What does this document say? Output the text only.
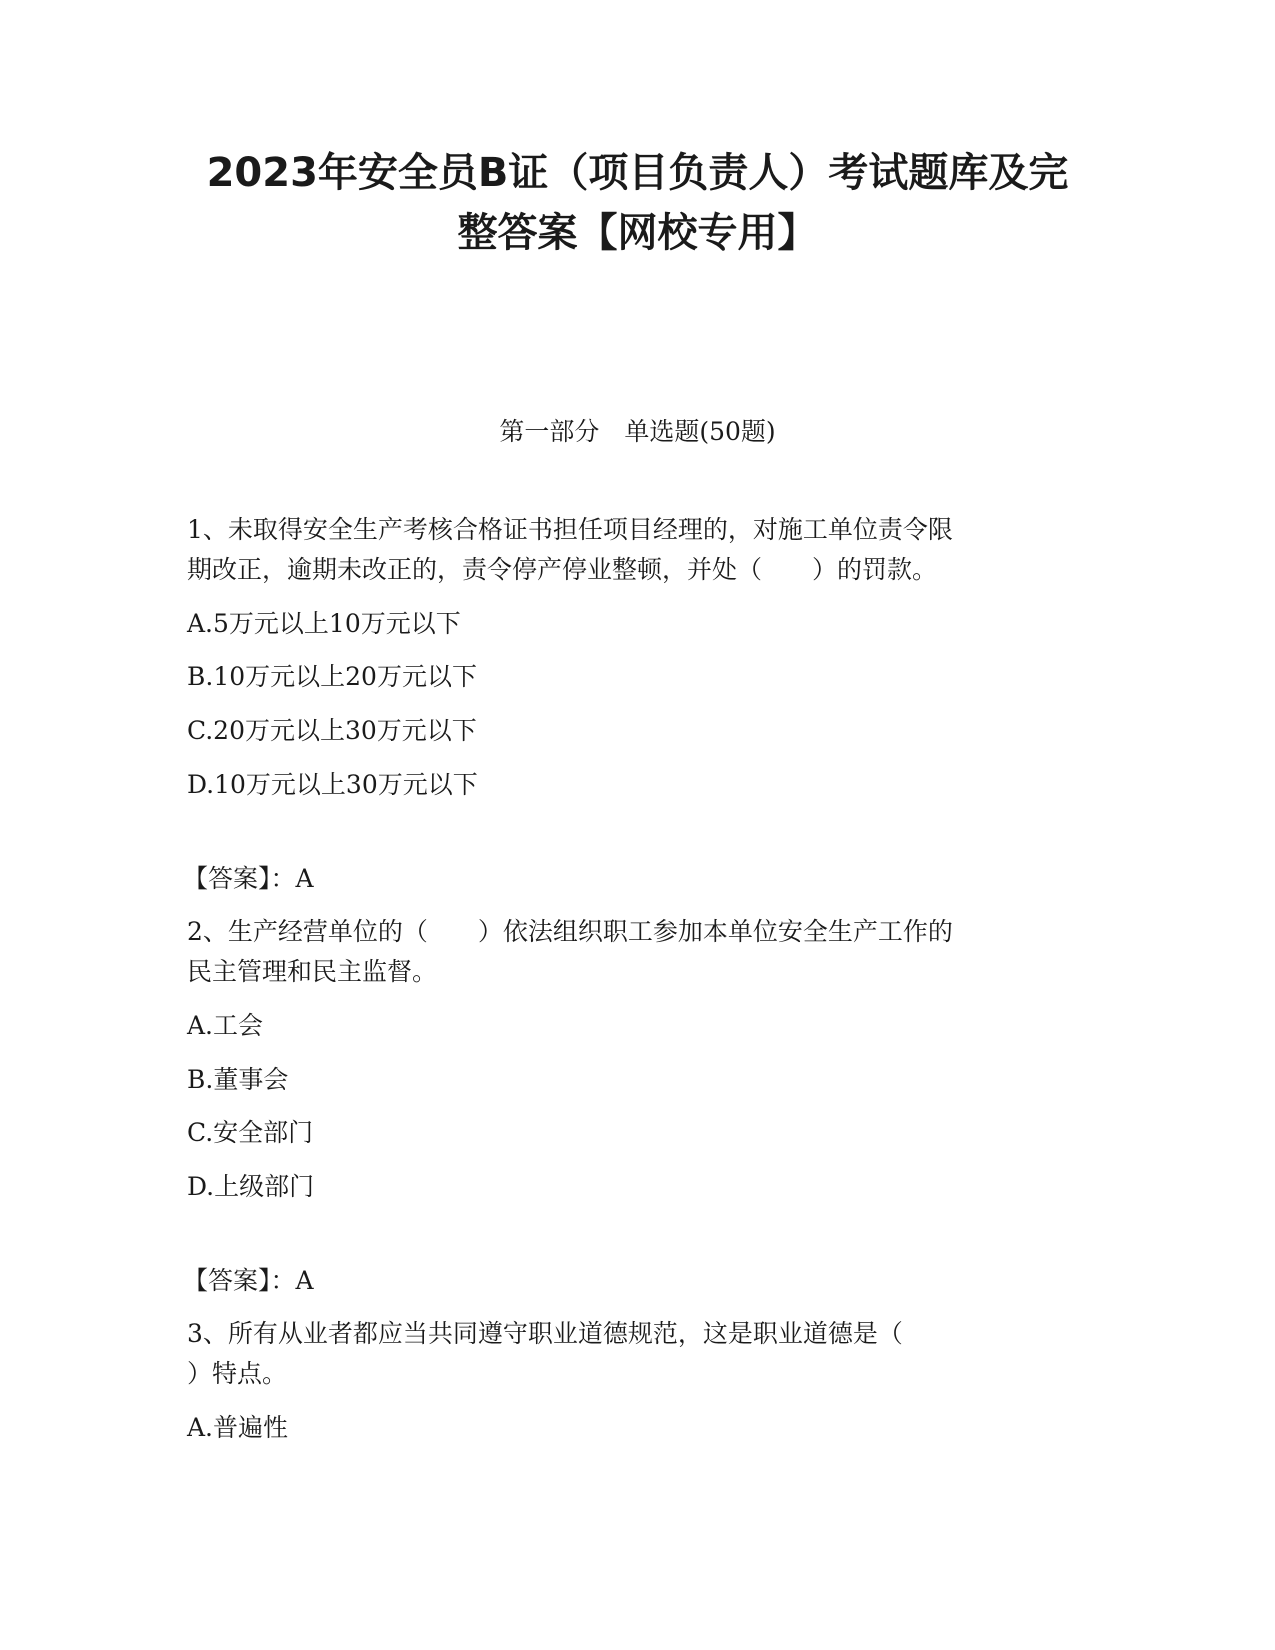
2023年安全员B证（项目负责人）考试题库及完
整答案【网校专用】

第一部分　单选题(50题)

1、未取得安全生产考核合格证书担任项目经理的，对施工单位责令限

期改正，逾期未改正的，责令停产停业整顿，并处（　　）的罚款。

A.5万元以上10万元以下

B.10万元以上20万元以下

C.20万元以上30万元以下

D.10万元以上30万元以下

【答案】：A

2、生产经营单位的（　　）依法组织职工参加本单位安全生产工作的

民主管理和民主监督。

A.工会

B.董事会

C.安全部门

D.上级部门

【答案】：A

3、所有从业者都应当共同遵守职业道德规范，这是职业道德是（

）特点。

A.普遍性
